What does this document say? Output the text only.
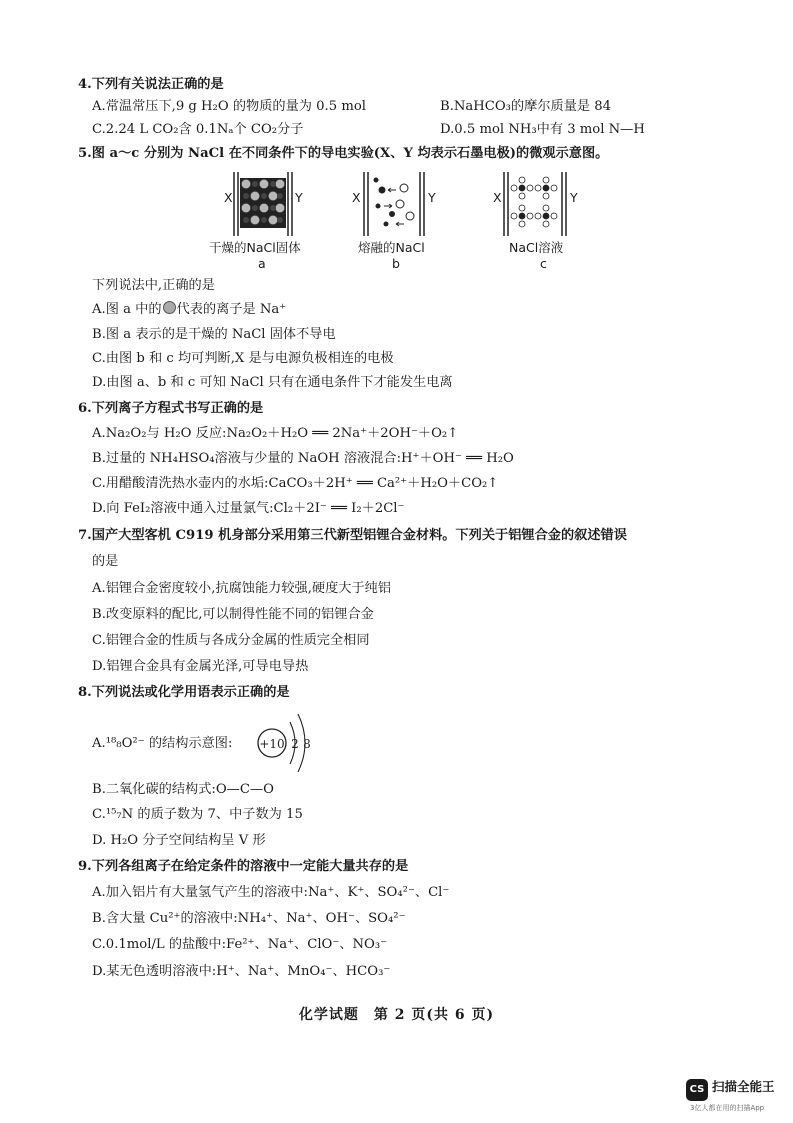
4.下列有关说法正确的是
A.常温常压下,9 g H₂O 的物质的量为 0.5 mol	B.NaHCO₃的摩尔质量是 84
C.2.24 L CO₂含 0.1Nₐ个 CO₂分子	D.0.5 mol NH₃中有 3 mol N—H
5.图 a～c 分别为 NaCl 在不同条件下的导电实验(X、Y 均表示石墨电极)的微观示意图。
X	Y
干燥的NaCl固体
a
X	Y
熔融的NaCl
b
X	Y
NaCl溶液
c
下列说法中,正确的是
A.图 a 中的 代表的离子是 Na⁺
B.图 a 表示的是干燥的 NaCl 固体不导电
C.由图 b 和 c 均可判断,X 是与电源负极相连的电极
D.由图 a、b 和 c 可知 NaCl 只有在通电条件下才能发生电离
6.下列离子方程式书写正确的是
A.Na₂O₂与 H₂O 反应:Na₂O₂＋H₂O ══ 2Na⁺＋2OH⁻＋O₂↑
B.过量的 NH₄HSO₄溶液与少量的 NaOH 溶液混合:H⁺＋OH⁻ ══ H₂O
C.用醋酸清洗热水壶内的水垢:CaCO₃＋2H⁺ ══ Ca²⁺＋H₂O＋CO₂↑
D.向 FeI₂溶液中通入过量氯气:Cl₂＋2I⁻ ══ I₂＋2Cl⁻
7.国产大型客机 C919 机身部分采用第三代新型铝锂合金材料。下列关于铝锂合金的叙述错误
的是
A.铝锂合金密度较小,抗腐蚀能力较强,硬度大于纯铝
B.改变原料的配比,可以制得性能不同的铝锂合金
C.铝锂合金的性质与各成分金属的性质完全相同
D.铝锂合金具有金属光泽,可导电导热
8.下列说法或化学用语表示正确的是
A.¹⁸₈O²⁻ 的结构示意图: +10 2 8
B.二氧化碳的结构式:O—C—O
C.¹⁵₇N 的质子数为 7、中子数为 15
D. H₂O 分子空间结构呈 V 形
9.下列各组离子在给定条件的溶液中一定能大量共存的是
A.加入铝片有大量氢气产生的溶液中:Na⁺、K⁺、SO₄²⁻、Cl⁻
B.含大量 Cu²⁺的溶液中:NH₄⁺、Na⁺、OH⁻、SO₄²⁻
C.0.1mol/L 的盐酸中:Fe²⁺、Na⁺、ClO⁻、NO₃⁻
D.某无色透明溶液中:H⁺、Na⁺、MnO₄⁻、HCO₃⁻
化学试题　第 2 页(共 6 页)
CS 扫描全能王
3亿人都在用的扫描App
